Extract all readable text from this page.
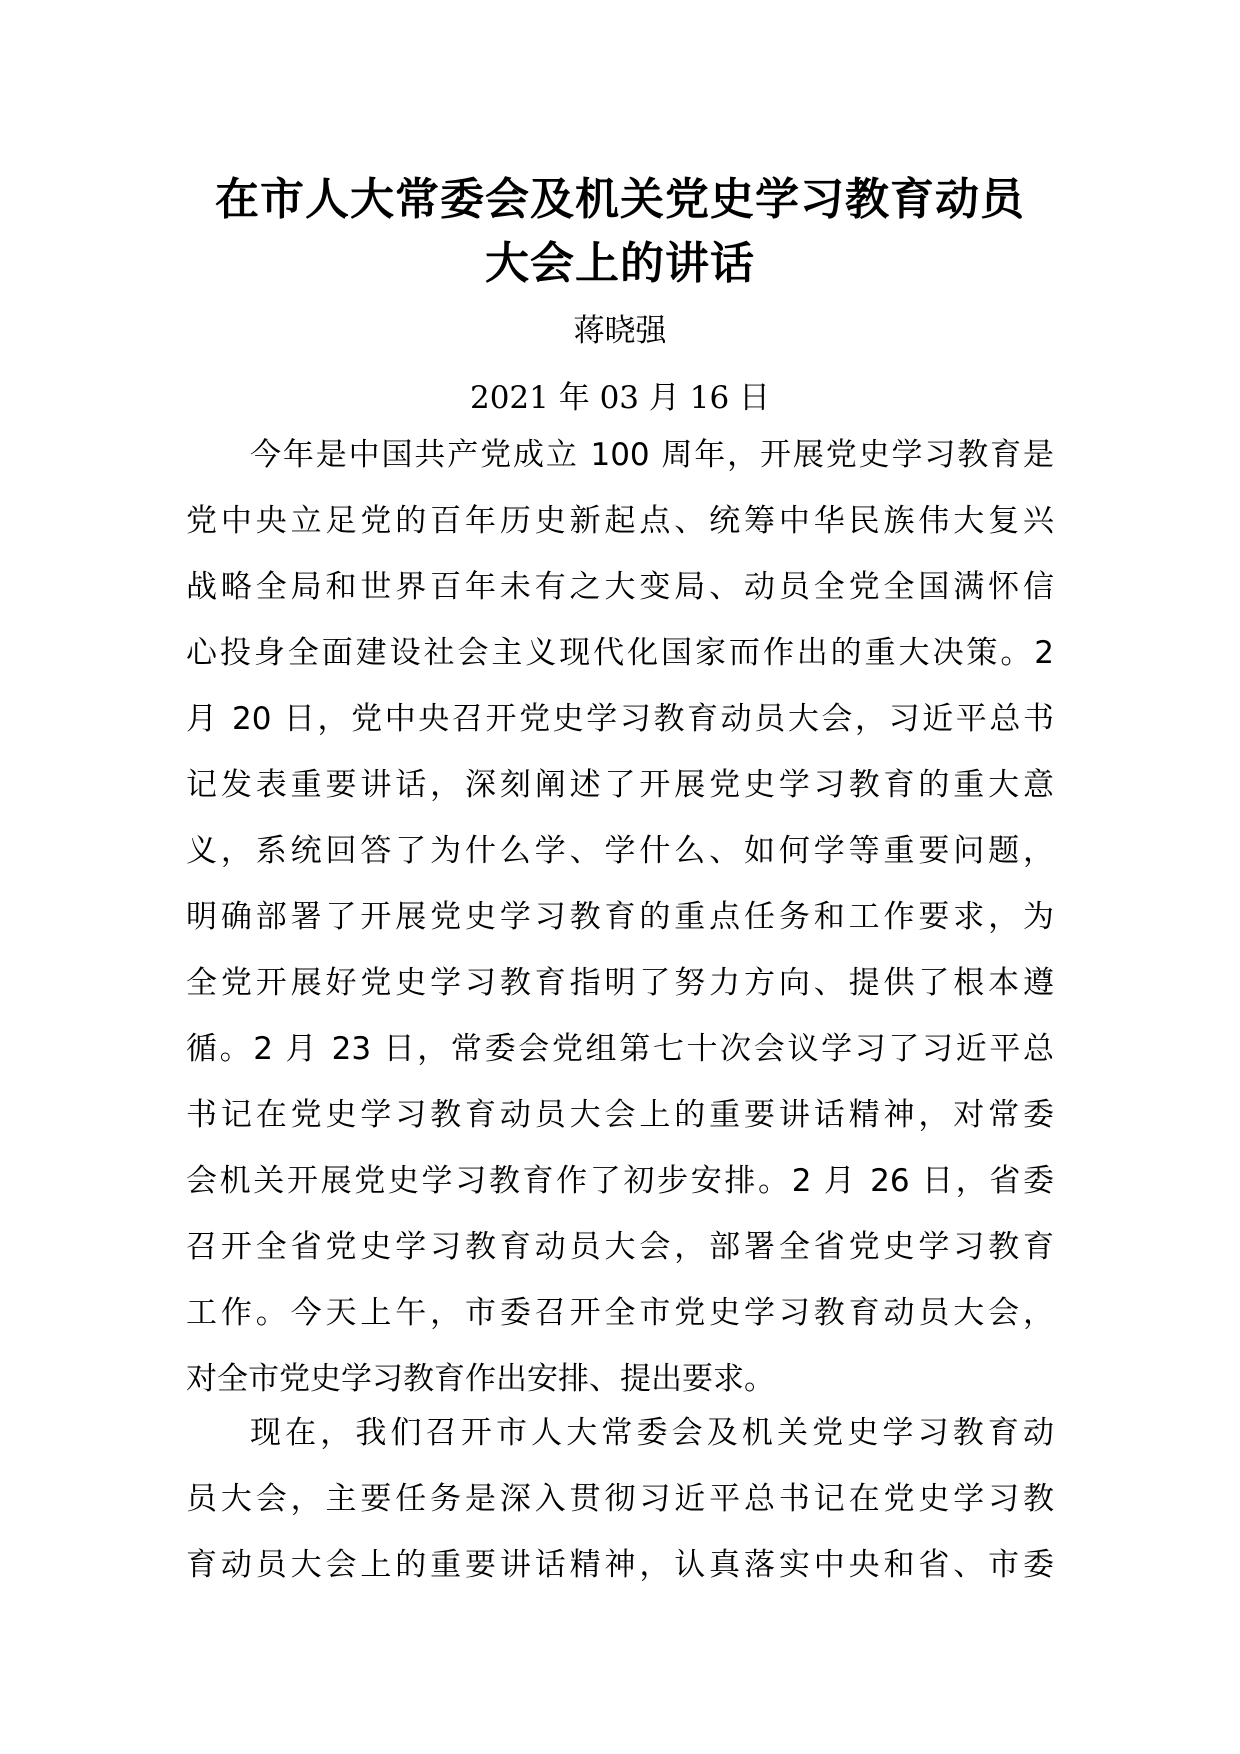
在市人大常委会及机关党史学习教育动员
大会上的讲话
蒋晓强
2021 年 03 月 16 日
今年是中国共产党成立 100 周年，开展党史学习教育是
党中央立足党的百年历史新起点、统筹中华民族伟大复兴
战略全局和世界百年未有之大变局、动员全党全国满怀信
心投身全面建设社会主义现代化国家而作出的重大决策。2
月 20 日，党中央召开党史学习教育动员大会，习近平总书
记发表重要讲话，深刻阐述了开展党史学习教育的重大意
义，系统回答了为什么学、学什么、如何学等重要问题，
明确部署了开展党史学习教育的重点任务和工作要求，为
全党开展好党史学习教育指明了努力方向、提供了根本遵
循。2 月 23 日，常委会党组第七十次会议学习了习近平总
书记在党史学习教育动员大会上的重要讲话精神，对常委
会机关开展党史学习教育作了初步安排。2 月 26 日，省委
召开全省党史学习教育动员大会，部署全省党史学习教育
工作。今天上午，市委召开全市党史学习教育动员大会，
对全市党史学习教育作出安排、提出要求。
现在，我们召开市人大常委会及机关党史学习教育动
员大会，主要任务是深入贯彻习近平总书记在党史学习教
育动员大会上的重要讲话精神，认真落实中央和省、市委
